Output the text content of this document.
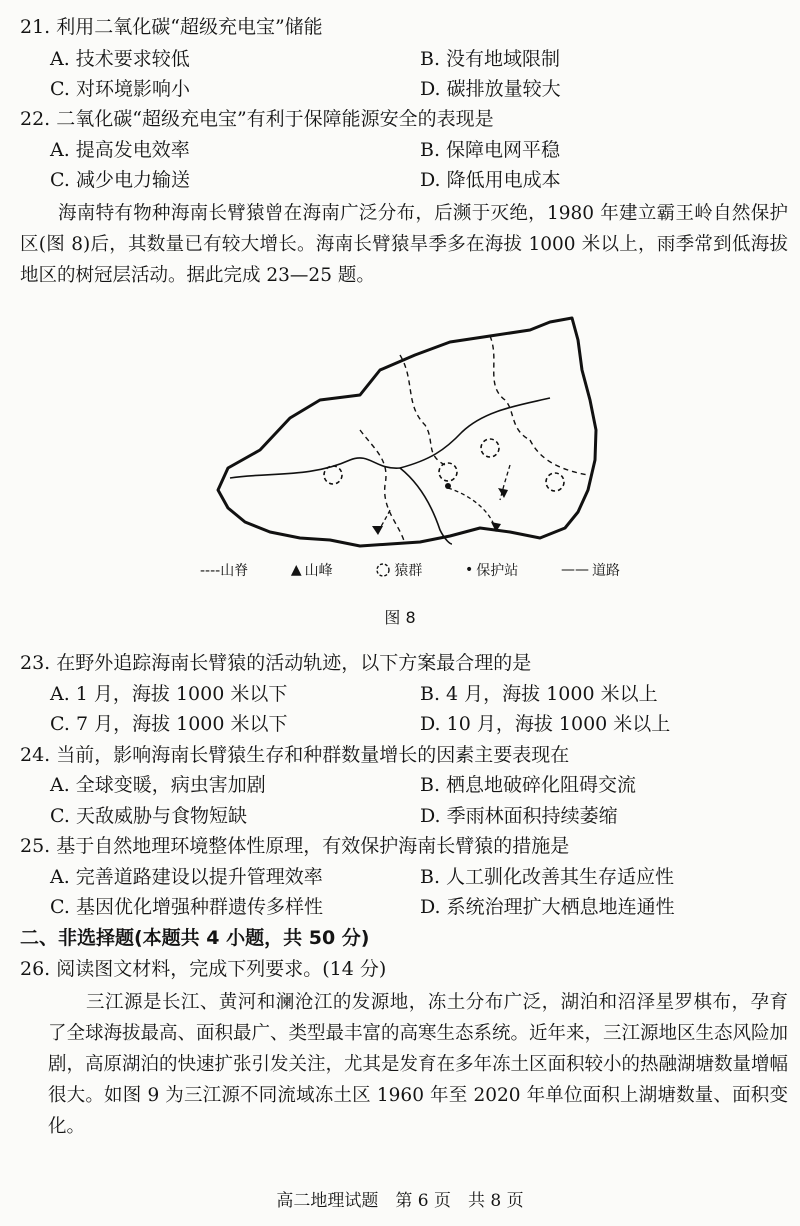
21. 利用二氧化碳“超级充电宝”储能
A. 技术要求较低	B. 没有地域限制
C. 对环境影响小	D. 碳排放量较大
22. 二氧化碳“超级充电宝”有利于保障能源安全的表现是
A. 提高发电效率	B. 保障电网平稳
C. 减少电力输送	D. 降低用电成本
海南特有物种海南长臂猿曾在海南广泛分布，后濒于灭绝，1980 年建立霸王岭自然保护区(图 8)后，其数量已有较大增长。海南长臂猿旱季多在海拔 1000 米以上，雨季常到低海拔地区的树冠层活动。据此完成 23—25 题。
----山脊	▲ 山峰	猿群	• 保护站	—— 道路
图 8
23. 在野外追踪海南长臂猿的活动轨迹，以下方案最合理的是
A. 1 月，海拔 1000 米以下	B. 4 月，海拔 1000 米以上
C. 7 月，海拔 1000 米以下	D. 10 月，海拔 1000 米以上
24. 当前，影响海南长臂猿生存和种群数量增长的因素主要表现在
A. 全球变暖，病虫害加剧	B. 栖息地破碎化阻碍交流
C. 天敌威胁与食物短缺	D. 季雨林面积持续萎缩
25. 基于自然地理环境整体性原理，有效保护海南长臂猿的措施是
A. 完善道路建设以提升管理效率	B. 人工驯化改善其生存适应性
C. 基因优化增强种群遗传多样性	D. 系统治理扩大栖息地连通性
二、非选择题(本题共 4 小题，共 50 分)
26. 阅读图文材料，完成下列要求。(14 分)
三江源是长江、黄河和澜沧江的发源地，冻土分布广泛，湖泊和沼泽星罗棋布，孕育了全球海拔最高、面积最广、类型最丰富的高寒生态系统。近年来，三江源地区生态风险加剧，高原湖泊的快速扩张引发关注，尤其是发育在多年冻土区面积较小的热融湖塘数量增幅很大。如图 9 为三江源不同流域冻土区 1960 年至 2020 年单位面积上湖塘数量、面积变化。
高二地理试题　第 6 页　共 8 页
